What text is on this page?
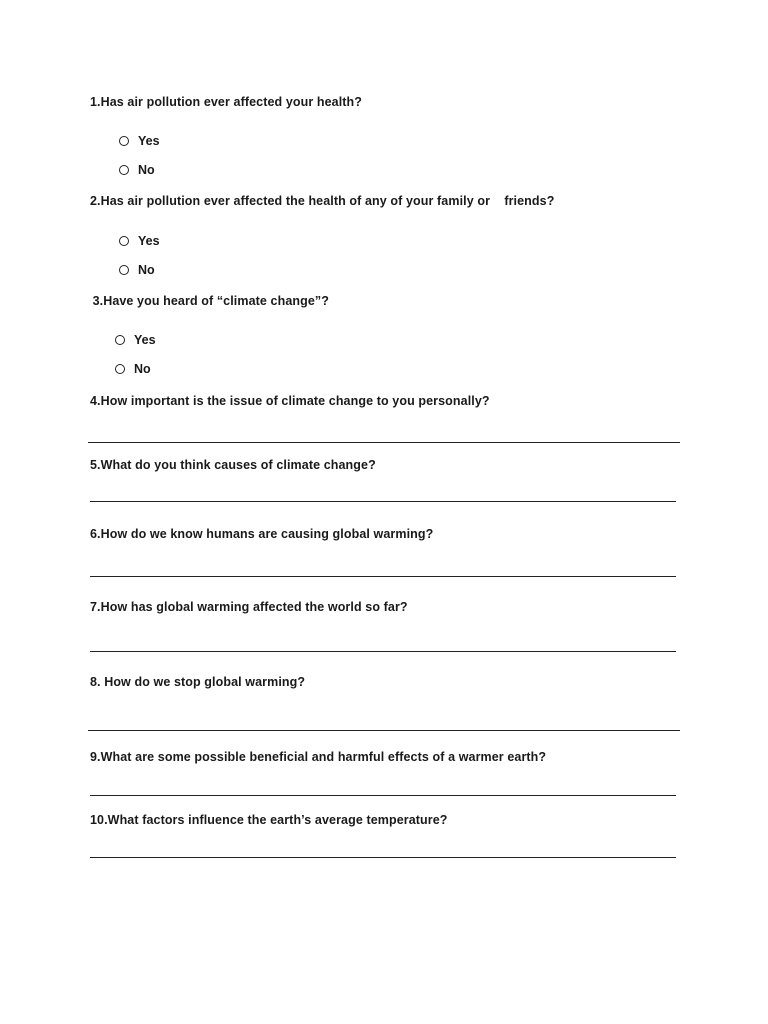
1.Has air pollution ever affected your health?

Yes
No

2.Has air pollution ever affected the health of any of your family or    friends?

Yes
No

3.Have you heard of “climate change”?

Yes
No

4.How important is the issue of climate change to you personally?

5.What do you think causes of climate change?

6.How do we know humans are causing global warming?

7.How has global warming affected the world so far?

8. How do we stop global warming?

9.What are some possible beneficial and harmful effects of a warmer earth?

10.What factors influence the earth’s average temperature?
